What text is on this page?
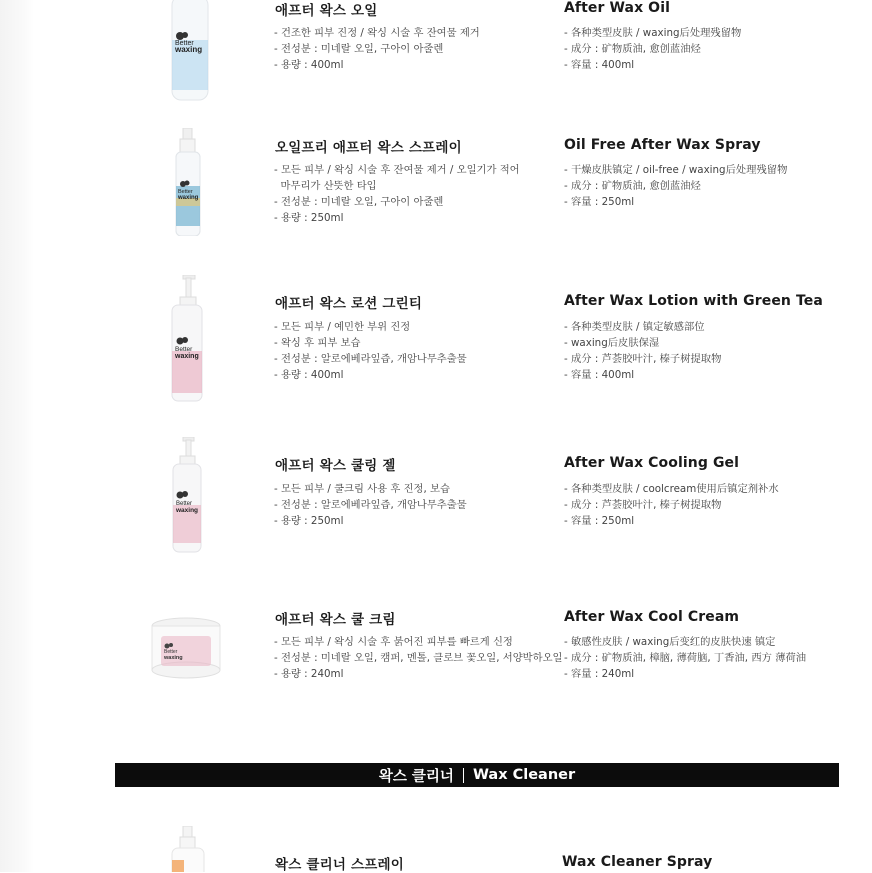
Better
waxing
애프터 왁스 오일	After Wax Oil
- 건조한 피부 진정 / 왁싱 시술 후 잔여물 제거
- 전성분 : 미네랄 오일, 구아이 아줄렌
- 용량 : 400ml
- 各种类型皮肤 / waxing后处理残留物
- 成分 : 矿物质油, 愈创蓝油烃
- 容量 : 400ml
Better
waxing
오일프리 애프터 왁스 스프레이	Oil Free After Wax Spray
- 모든 피부 / 왁싱 시술 후 잔여물 제거 / 오일기가 적어
마무리가 산뜻한 타입
- 전성분 : 미네랄 오일, 구아이 아줄렌
- 용량 : 250ml
- 干燥皮肤镇定 / oil-free / waxing后处理残留物
- 成分 : 矿物质油, 愈创蓝油烃
- 容量 : 250ml
Better
waxing
애프터 왁스 로션 그린티	After Wax Lotion with Green Tea
- 모든 피부 / 예민한 부위 진정
- 왁싱 후 피부 보습
- 전성분 : 알로에베라잎즙, 개암나무추출물
- 용량 : 400ml
- 各种类型皮肤 / 镇定敏感部位
- waxing后皮肤保湿
- 成分 : 芦荟胶叶汁, 榛子树提取物
- 容量 : 400ml
Better
waxing
애프터 왁스 쿨링 젤	After Wax Cooling Gel
- 모든 피부 / 쿨크림 사용 후 진정, 보습
- 전성분 : 알로에베라잎즙, 개암나무추출물
- 용량 : 250ml
- 各种类型皮肤 / coolcream使用后镇定剂补水
- 成分 : 芦荟胶叶汁, 榛子树提取物
- 容量 : 250ml
Better
waxing
애프터 왁스 쿨 크림	After Wax Cool Cream
- 모든 피부 / 왁싱 시술 후 붉어진 피부를 빠르게 신정
- 전성분 : 미네랄 오일, 캠퍼, 멘톨, 클로브 꽃오일, 서양박하오일
- 용량 : 240ml
- 敏感性皮肤 / waxing后变红的皮肤快速 镇定
- 成分 : 矿物质油, 樟脑, 薄荷脑, 丁香油, 西方 薄荷油
- 容量 : 240ml
왁스 클리너 Wax Cleaner
왁스 클리너 스프레이	Wax Cleaner Spray
